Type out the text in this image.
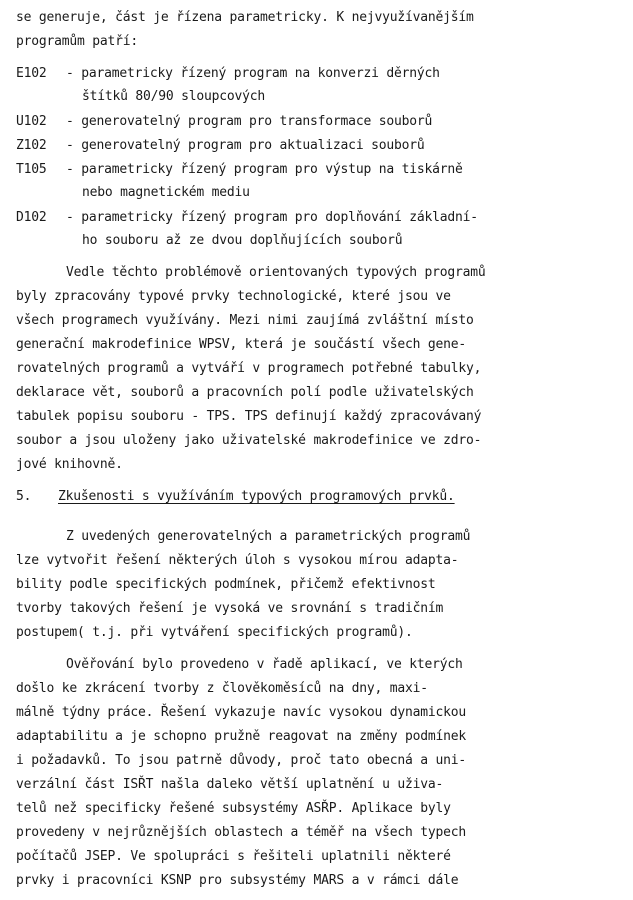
se generuje, část je řízena parametricky. K nejvyužívanějším
programům patří:
E102 - parametricky řízený program na konverzi děrných
štítků 80/90 sloupcových
U102 - generovatelný program pro transformace souborů
Z102 - generovatelný program pro aktualizaci souborů
T105 - parametricky řízený program pro výstup na tiskárně
nebo magnetickém mediu
D102 - parametricky řízený program pro doplňování základní-
ho souboru až ze dvou doplňujících souborů
Vedle těchto problémově orientovaných typových programů
byly zpracovány typové prvky technologické, které jsou ve
všech programech využívány. Mezi nimi zaujímá zvláštní místo
generační makrodefinice WPSV, která je součástí všech gene-
rovatelných programů a vytváří v programech potřebné tabulky,
deklarace vět, souborů a pracovních polí podle uživatelských
tabulek popisu souboru - TPS. TPS definují každý zpracovávaný
soubor a jsou uloženy jako uživatelské makrodefinice ve zdro-
jové knihovně.
5. Zkušenosti s využíváním typových programových prvků.
Z uvedených generovatelných a parametrických programů
lze vytvořit řešení některých úloh s vysokou mírou adapta-
bility podle specifických podmínek, přičemž efektivnost
tvorby takových řešení je vysoká ve srovnání s tradičním
postupem( t.j. při vytváření specifických programů).
Ověřování bylo provedeno v řadě aplikací, ve kterých
došlo ke zkrácení tvorby z člověkoměsíců na dny, maxi-
málně týdny práce. Řešení vykazuje navíc vysokou dynamickou
adaptabilitu a je schopno pružně reagovat na změny podmínek
i požadavků. To jsou patrně důvody, proč tato obecná a uni-
verzální část ISŘT našla daleko větší uplatnění u uživa-
telů než specificky řešené subsystémy ASŘP. Aplikace byly
provedeny v nejrůznějších oblastech a téměř na všech typech
počítačů JSEP. Ve spolupráci s řešiteli uplatnili některé
prvky i pracovníci KSNP pro subsystémy MARS a v rámci dále
